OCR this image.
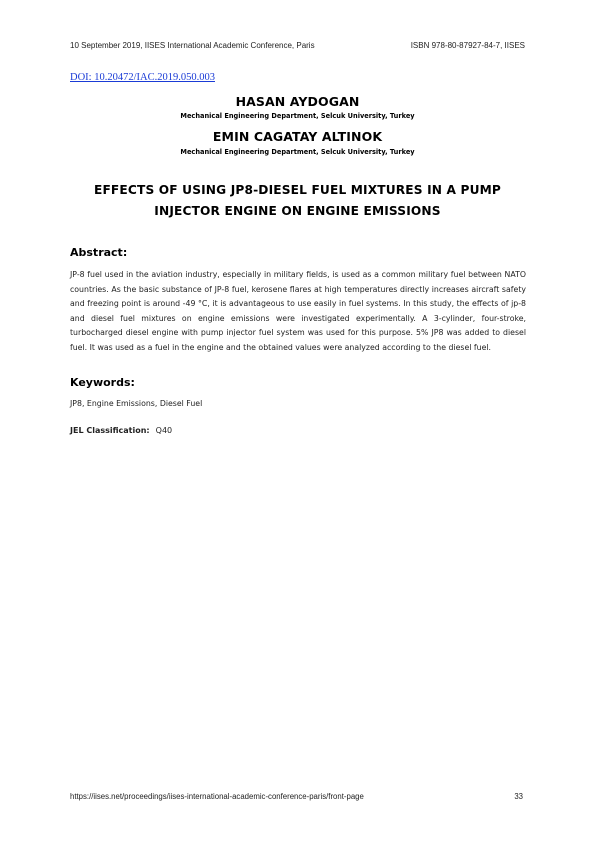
10 September 2019, IISES International Academic Conference, Paris	ISBN 978-80-87927-84-7, IISES
DOI: 10.20472/IAC.2019.050.003
HASAN AYDOGAN
Mechanical Engineering Department, Selcuk University, Turkey
EMIN CAGATAY ALTINOK
Mechanical Engineering Department, Selcuk University, Turkey
EFFECTS OF USING JP8-DIESEL FUEL MIXTURES IN A PUMP
INJECTOR ENGINE ON ENGINE EMISSIONS
Abstract:
JP-8 fuel used in the aviation industry, especially in military fields, is used as a common military fuel between NATO countries. As the basic substance of JP-8 fuel, kerosene flares at high temperatures directly increases aircraft safety and freezing point is around -49 °C, it is advantageous to use easily in fuel systems. In this study, the effects of jp-8 and diesel fuel mixtures on engine emissions were investigated experimentally. A 3-cylinder, four-stroke, turbocharged diesel engine with pump injector fuel system was used for this purpose. 5% JP8 was added to diesel fuel. It was used as a fuel in the engine and the obtained values were analyzed according to the diesel fuel.
Keywords:
JP8, Engine Emissions, Diesel Fuel
JEL Classification: Q40
https://iises.net/proceedings/iises-international-academic-conference-paris/front-page	33
